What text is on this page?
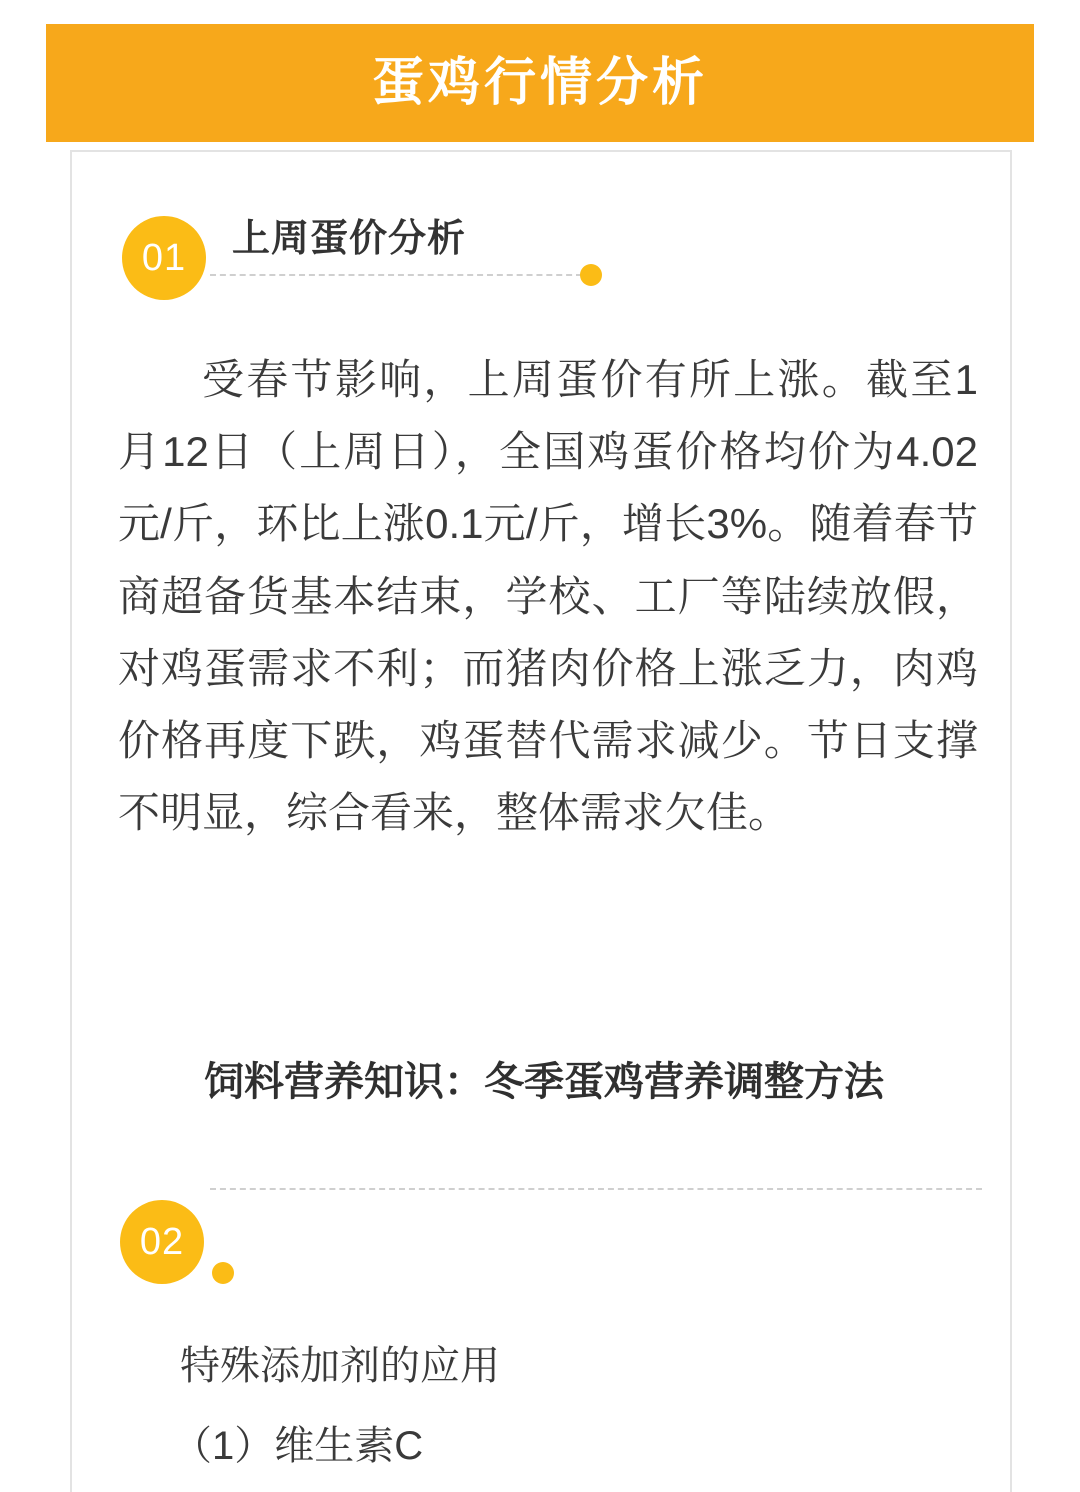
蛋鸡行情分析
01	上周蛋价分析
受春节影响，上周蛋价有所上涨。截至1月12日（上周日），全国鸡蛋价格均价为4.02元/斤，环比上涨0.1元/斤，增长3%。随着春节商超备货基本结束，学校、工厂等陆续放假，对鸡蛋需求不利；而猪肉价格上涨乏力，肉鸡价格再度下跌，鸡蛋替代需求减少。节日支撑不明显，综合看来，整体需求欠佳。
饲料营养知识：冬季蛋鸡营养调整方法
02
特殊添加剂的应用
（1）维生素C
